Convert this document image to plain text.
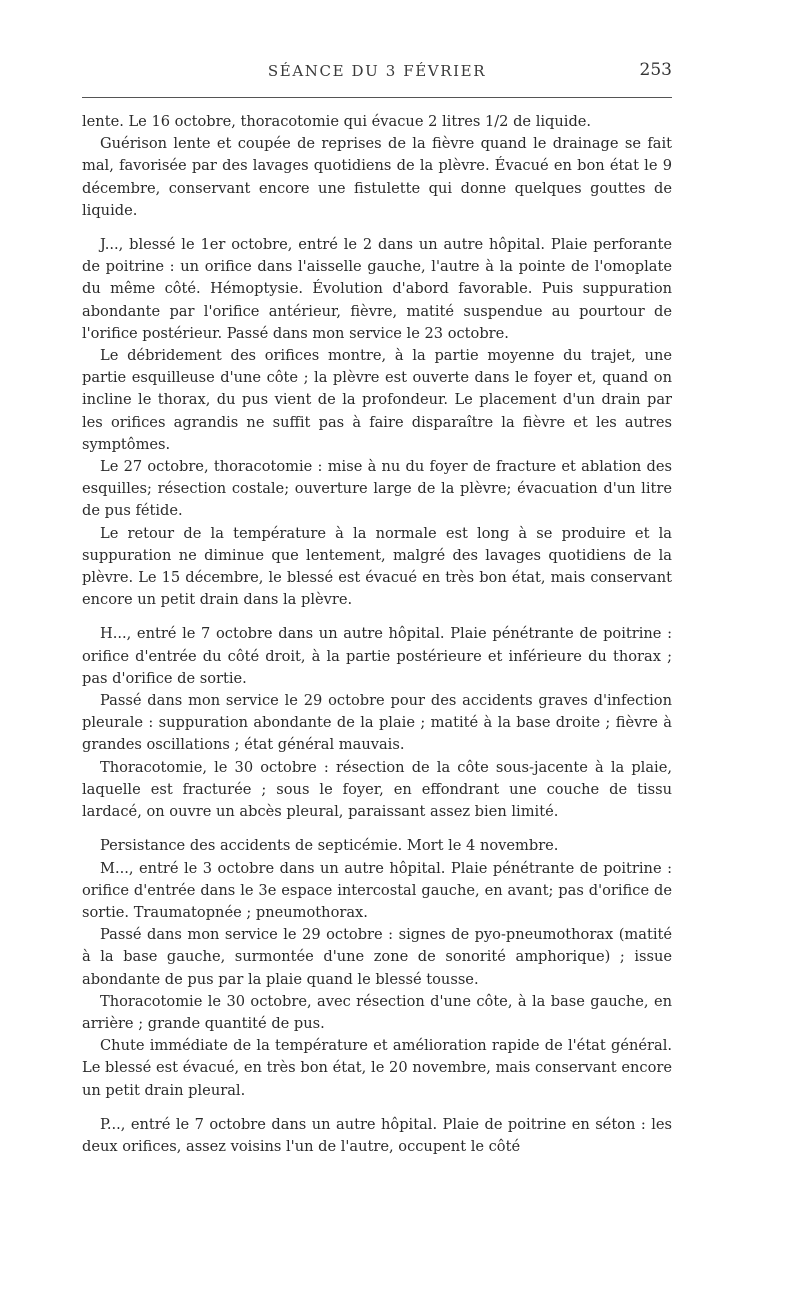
SÉANCE DU 3 FÉVRIER	253

lente. Le 16 octobre, thoracotomie qui évacue 2 litres 1/2 de liquide.

Guérison lente et coupée de reprises de la fièvre quand le drainage se fait mal, favorisée par des lavages quotidiens de la plèvre. Évacué en bon état le 9 décembre, conservant encore une fistulette qui donne quelques gouttes de liquide.

J..., blessé le 1er octobre, entré le 2 dans un autre hôpital. Plaie perforante de poitrine : un orifice dans l'aisselle gauche, l'autre à la pointe de l'omoplate du même côté. Hémoptysie. Évolution d'abord favorable. Puis suppuration abondante par l'orifice antérieur, fièvre, matité suspendue au pourtour de l'orifice postérieur. Passé dans mon service le 23 octobre.

Le débridement des orifices montre, à la partie moyenne du trajet, une partie esquilleuse d'une côte ; la plèvre est ouverte dans le foyer et, quand on incline le thorax, du pus vient de la profondeur. Le placement d'un drain par les orifices agrandis ne suffit pas à faire disparaître la fièvre et les autres symptômes.

Le 27 octobre, thoracotomie : mise à nu du foyer de fracture et ablation des esquilles; résection costale; ouverture large de la plèvre; évacuation d'un litre de pus fétide.

Le retour de la température à la normale est long à se produire et la suppuration ne diminue que lentement, malgré des lavages quotidiens de la plèvre. Le 15 décembre, le blessé est évacué en très bon état, mais conservant encore un petit drain dans la plèvre.

H..., entré le 7 octobre dans un autre hôpital. Plaie pénétrante de poitrine : orifice d'entrée du côté droit, à la partie postérieure et inférieure du thorax ; pas d'orifice de sortie.

Passé dans mon service le 29 octobre pour des accidents graves d'infection pleurale : suppuration abondante de la plaie ; matité à la base droite ; fièvre à grandes oscillations ; état général mauvais.

Thoracotomie, le 30 octobre : résection de la côte sous-jacente à la plaie, laquelle est fracturée ; sous le foyer, en effondrant une couche de tissu lardacé, on ouvre un abcès pleural, paraissant assez bien limité.

Persistance des accidents de septicémie. Mort le 4 novembre.

M..., entré le 3 octobre dans un autre hôpital. Plaie pénétrante de poitrine : orifice d'entrée dans le 3e espace intercostal gauche, en avant; pas d'orifice de sortie. Traumatopnée ; pneumothorax.

Passé dans mon service le 29 octobre : signes de pyo-pneumothorax (matité à la base gauche, surmontée d'une zone de sonorité amphorique) ; issue abondante de pus par la plaie quand le blessé tousse.

Thoracotomie le 30 octobre, avec résection d'une côte, à la base gauche, en arrière ; grande quantité de pus.

Chute immédiate de la température et amélioration rapide de l'état général. Le blessé est évacué, en très bon état, le 20 novembre, mais conservant encore un petit drain pleural.

P..., entré le 7 octobre dans un autre hôpital. Plaie de poitrine en séton : les deux orifices, assez voisins l'un de l'autre, occupent le côté
